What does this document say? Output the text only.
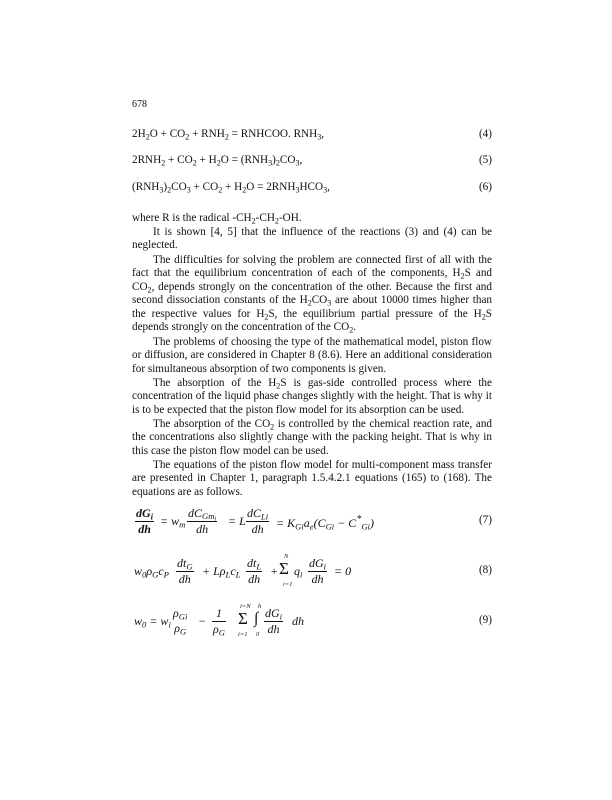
678
$2H_2O + CO_2 + RNH_2$ = RNHCOO. $RNH_3$,	(4)
$2RNH_2 + CO_2 + H_2O = (RNH_3)_2CO_3$,	(5)
$(RNH_3)_2CO_3 + CO_2 + H_2O = 2RNH_3HCO_3$,	(6)

where R is the radical $-CH_2-CH_2-OH$.

It is shown [4, 5] that the influence of the reactions (3) and (4) can be neglected.

The difficulties for solving the problem are connected first of all with the fact that the equilibrium concentration of each of the components, $H_2S$ and $CO_2$, depends strongly on the concentration of the other. Because the first and second dissociation constants of the $H_2CO_3$ are about 10000 times higher than the respective values for $H_2S$, the equilibrium partial pressure of the $H_2S$ depends strongly on the concentration of the $CO_2$.

The problems of choosing the type of the mathematical model, piston flow or diffusion, are considered in Chapter 8 (8.6). Here an additional consideration for simultaneous absorption of two components is given.

The absorption of the $H_2S$ is gas-side controlled process where the concentration of the liquid phase changes slightly with the height. That is why it is to be expected that the piston flow model for its absorption can be used.

The absorption of the $CO_2$ is controlled by the chemical reaction rate, and the concentrations also slightly change with the packing height. That is why in this case the piston flow model can be used.

The equations of the piston flow model for multi-component mass transfer are presented in Chapter 1, paragraph 1.5.4.2.1 equations (165) to (168). The equations are as follows.

$dG_i$
dh
= $w_m$
$dC_{Gm_i}$
dh
= L
$dC_{Li}$
dh	= $K_{Gi}a_e(C_{Gi} - C^*_{Gi})$	(7)
$w_0\rho_Gc_P$
$dt_G$
dh
+ $L\rho_Lc_L$
$dt_L$
dh
+
N
Σ
i=1
$q_i$
$dG_i$
dh
= 0	(8)
$w_0 = w_i$
$\rho_{Gi}$
$\rho_G$
− $\frac{1}{\rho_G} i=N$
Σ
i=1
h
∫
0
$dG_i$
dh
dh	(9)
